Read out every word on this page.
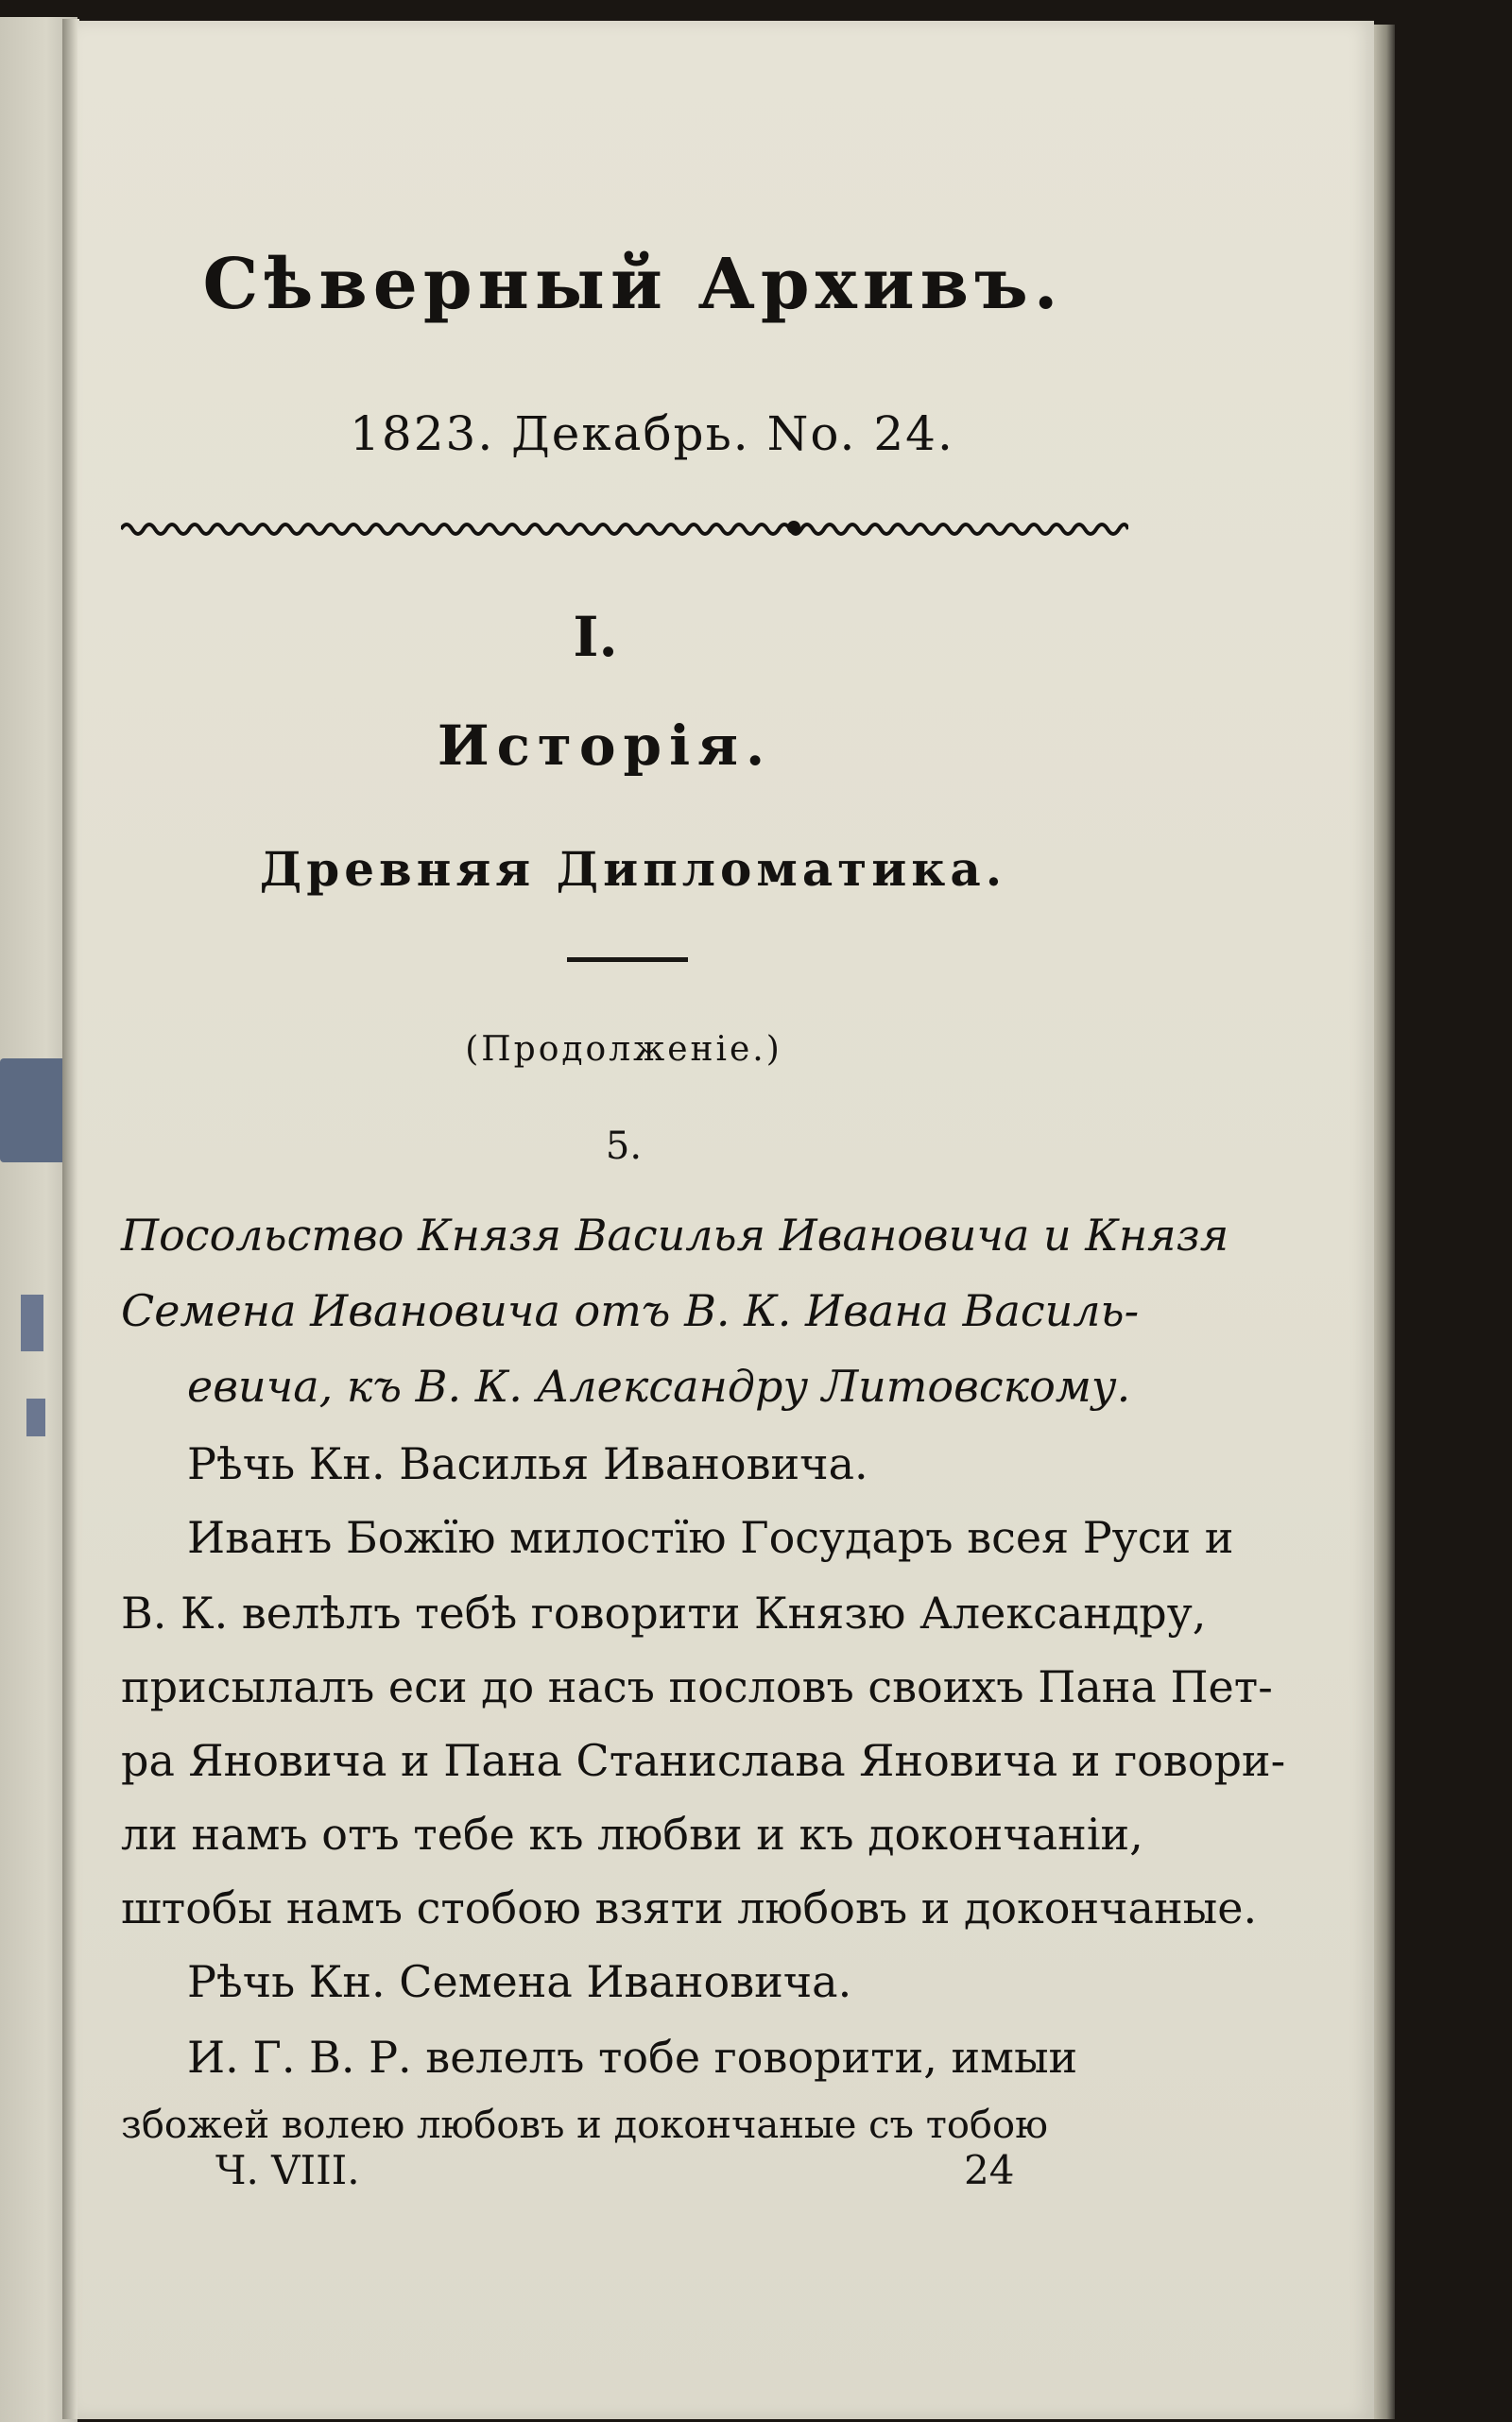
Сѣверный Архивъ.
1823. Декабрь. No. 24.
I.
Исторія.
Древняя Дипломатика.
(Продолженіе.)
5.
Посольство Князя Василья Ивановича и Князя
Семена Ивановича отъ В. К. Ивана Василь-
евича, къ В. К. Александру Литовскому.
Рѣчь Кн. Василья Ивановича.
Иванъ Божїю милостїю Государъ всея Руси и
В. К. велѣлъ тебѣ говорити Князю Александру,
присылалъ еси до насъ пословъ своихъ Пана Пет-
ра Яновича и Пана Станислава Яновича и говори-
ли намъ отъ тебе къ любви и къ докончанiи,
штобы намъ стобою взяти любовъ и докончаные.
Рѣчь Кн. Семена Ивановича.
И. Г. В. Р. велелъ тобе говорити, имыи
збожей волею любовъ и докончаные съ тобою
Ч. VIII.	24
